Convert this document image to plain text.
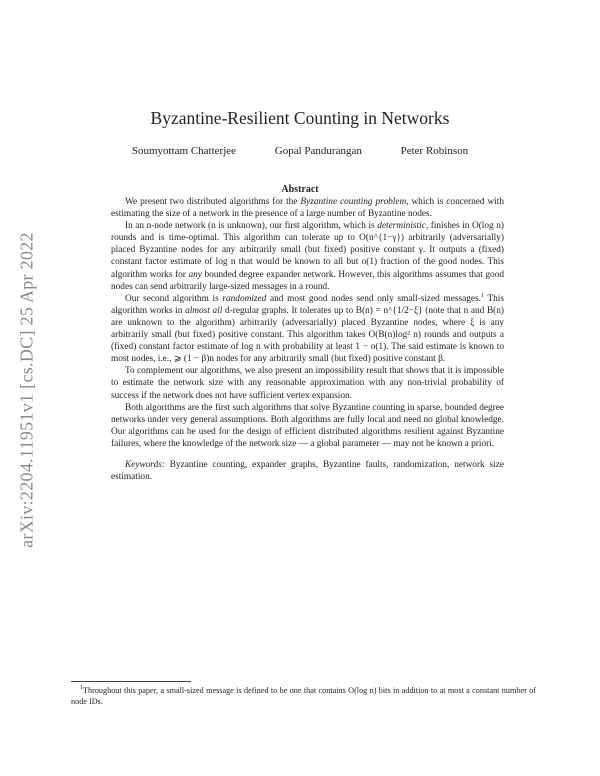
arXiv:2204.11951v1 [cs.DC] 25 Apr 2022
Byzantine-Resilient Counting in Networks
Soumyottam Chatterjee	Gopal Pandurangan	Peter Robinson
Abstract

We present two distributed algorithms for the Byzantine counting problem, which is concerned with estimating the size of a network in the presence of a large number of Byzantine nodes.

In an n-node network (n is unknown), our first algorithm, which is deterministic, finishes in O(log n) rounds and is time-optimal. This algorithm can tolerate up to O(n^{1−γ}) arbitrarily (adversarially) placed Byzantine nodes for any arbitrarily small (but fixed) positive constant γ. It outputs a (fixed) constant factor estimate of log n that would be known to all but o(1) fraction of the good nodes. This algorithm works for any bounded degree expander network. However, this algorithms assumes that good nodes can send arbitrarily large-sized messages in a round.

Our second algorithm is randomized and most good nodes send only small-sized messages.$^1$ This algorithm works in almost all d-regular graphs. It tolerates up to B(n) = n^{1/2−ξ} (note that n and B(n) are unknown to the algorithm) arbitrarily (adversarially) placed Byzantine nodes, where ξ is any arbitrarily small (but fixed) positive constant. This algorithm takes O(B(n)log² n) rounds and outputs a (fixed) constant factor estimate of log n with probability at least 1 − o(1). The said estimate is known to most nodes, i.e., ⩾ (1 − β)n nodes for any arbitrarily small (but fixed) positive constant β.

To complement our algorithms, we also present an impossibility result that shows that it is impossible to estimate the network size with any reasonable approximation with any non-trivial probability of success if the network does not have sufficient vertex expansion.

Both algorithms are the first such algorithms that solve Byzantine counting in sparse, bounded degree networks under very general assumptions. Both algorithms are fully local and need no global knowledge. Our algorithms can be used for the design of efficient distributed algorithms resilient against Byzantine failures, where the knowledge of the network size — a global parameter — may not be known a priori.

Keywords: Byzantine counting, expander graphs, Byzantine faults, randomization, network size estimation.

$^1$Throughout this paper, a small-sized message is defined to be one that contains O(log n) bits in addition to at most a constant number of node IDs.
